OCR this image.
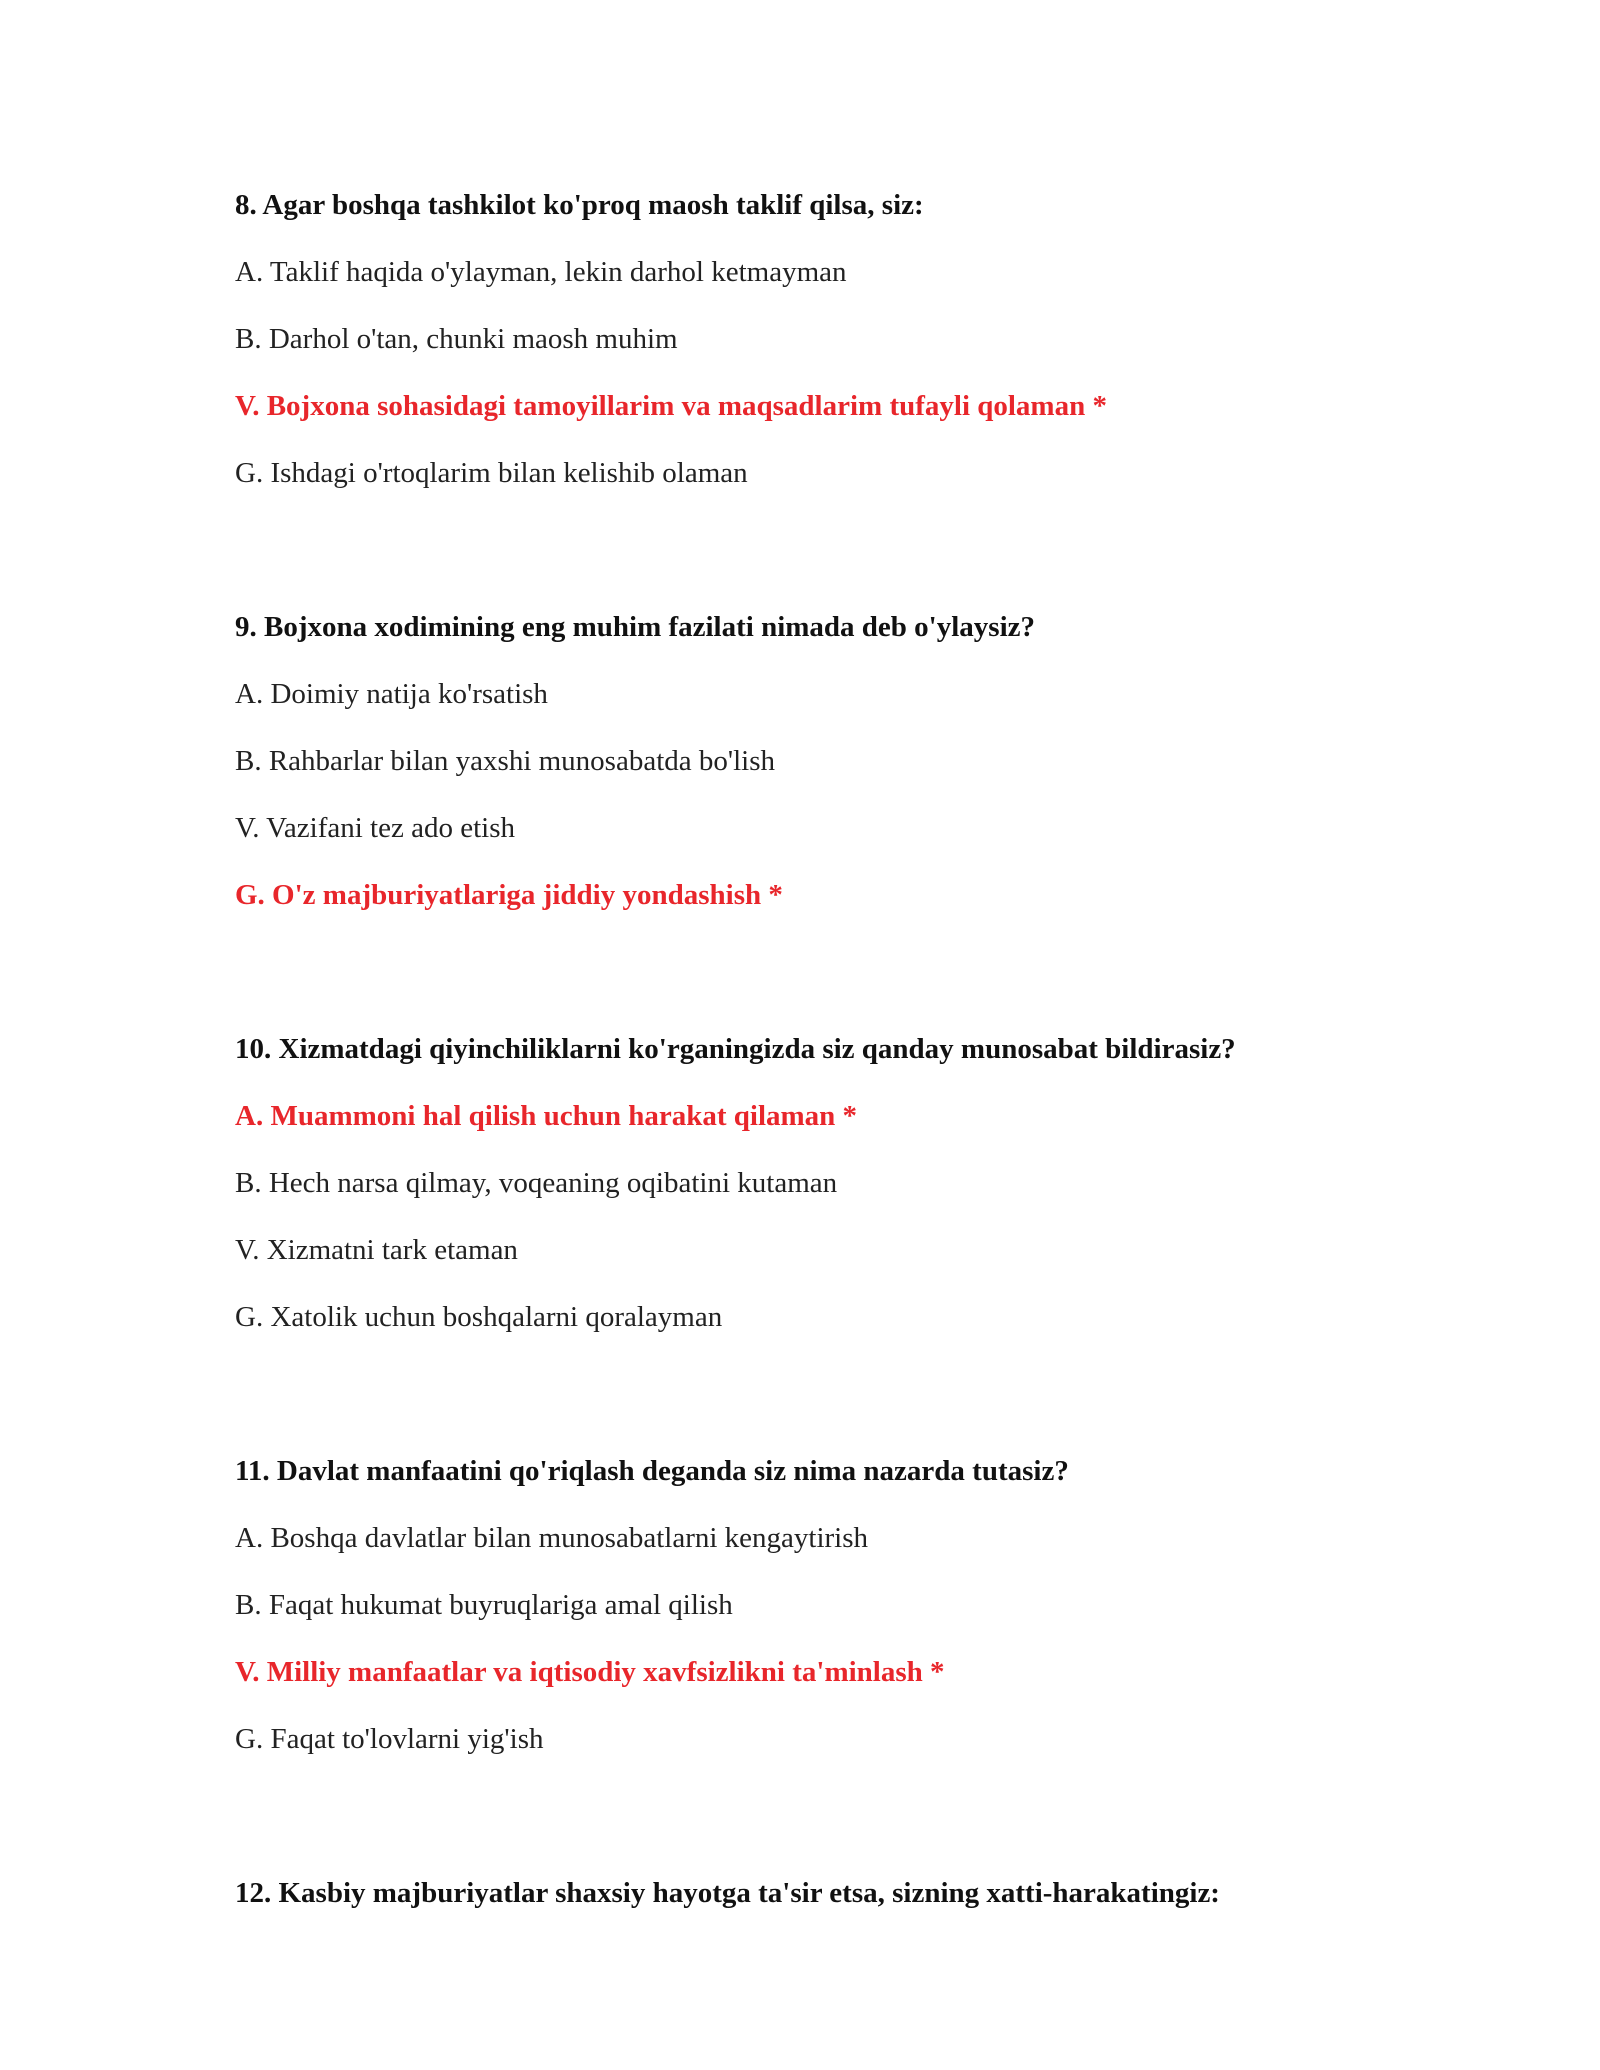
8. Agar boshqa tashkilot ko'proq maosh taklif qilsa, siz:
A. Taklif haqida o'ylayman, lekin darhol ketmayman
B. Darhol o'tan, chunki maosh muhim
V. Bojxona sohasidagi tamoyillarim va maqsadlarim tufayli qolaman *
G. Ishdagi o'rtoqlarim bilan kelishib olaman
9. Bojxona xodimining eng muhim fazilati nimada deb o'ylaysiz?
A. Doimiy natija ko'rsatish
B. Rahbarlar bilan yaxshi munosabatda bo'lish
V. Vazifani tez ado etish
G. O'z majburiyatlariga jiddiy yondashish *
10. Xizmatdagi qiyinchiliklarni ko'rganingizda siz qanday munosabat bildirasiz?
A. Muammoni hal qilish uchun harakat qilaman *
B. Hech narsa qilmay, voqeaning oqibatini kutaman
V. Xizmatni tark etaman
G. Xatolik uchun boshqalarni qoralayman
11. Davlat manfaatini qo'riqlash deganda siz nima nazarda tutasiz?
A. Boshqa davlatlar bilan munosabatlarni kengaytirish
B. Faqat hukumat buyruqlariga amal qilish
V. Milliy manfaatlar va iqtisodiy xavfsizlikni ta'minlash *
G. Faqat to'lovlarni yig'ish
12. Kasbiy majburiyatlar shaxsiy hayotga ta'sir etsa, sizning xatti-harakatingiz:
